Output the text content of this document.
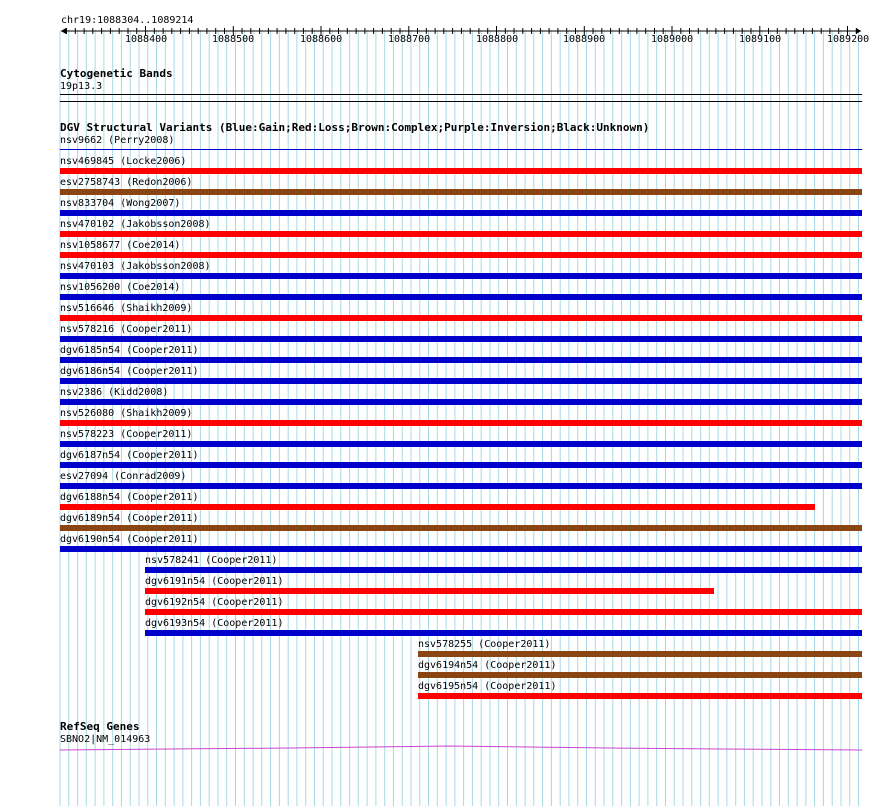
chr19:1088304..1089214
1088400	1088500	1088600	1088700	1088800	1088900	1089000	1089100	1089200
Cytogenetic Bands
19p13.3
DGV Structural Variants (Blue:Gain;Red:Loss;Brown:Complex;Purple:Inversion;Black:Unknown)
nsv9662 (Perry2008)
nsv469845 (Locke2006)
esv2758743 (Redon2006)
nsv833704 (Wong2007)
nsv470102 (Jakobsson2008)
nsv1058677 (Coe2014)
nsv470103 (Jakobsson2008)
nsv1056200 (Coe2014)
nsv516646 (Shaikh2009)
nsv578216 (Cooper2011)
dgv6185n54 (Cooper2011)
dgv6186n54 (Cooper2011)
nsv2386 (Kidd2008)
nsv526080 (Shaikh2009)
nsv578223 (Cooper2011)
dgv6187n54 (Cooper2011)
esv27094 (Conrad2009)
dgv6188n54 (Cooper2011)
dgv6189n54 (Cooper2011)
dgv6190n54 (Cooper2011)
nsv578241 (Cooper2011)
dgv6191n54 (Cooper2011)
dgv6192n54 (Cooper2011)
dgv6193n54 (Cooper2011)
nsv578255 (Cooper2011)
dgv6194n54 (Cooper2011)
dgv6195n54 (Cooper2011)
RefSeq Genes
SBNO2|NM_014963
